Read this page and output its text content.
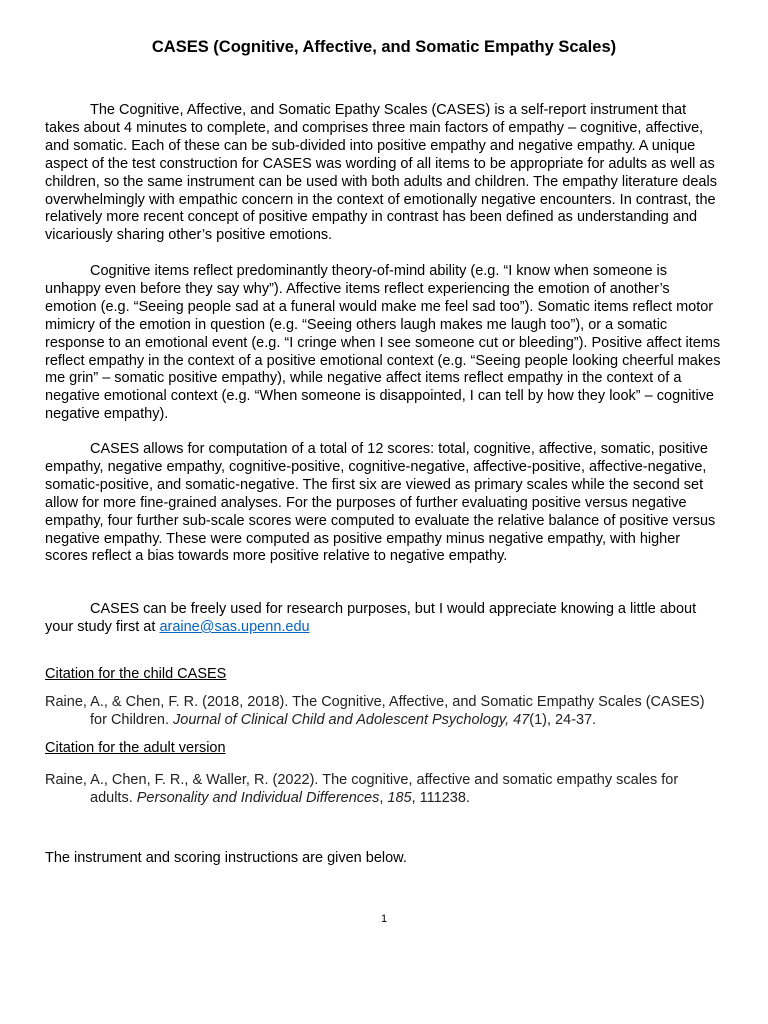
CASES (Cognitive, Affective, and Somatic Empathy Scales)

The Cognitive, Affective, and Somatic Epathy Scales (CASES) is a self-report instrument that takes about 4 minutes to complete, and comprises three main factors of empathy – cognitive, affective, and somatic. Each of these can be sub-divided into positive empathy and negative empathy. A unique aspect of the test construction for CASES was wording of all items to be appropriate for adults as well as children, so the same instrument can be used with both adults and children. The empathy literature deals overwhelmingly with empathic concern in the context of emotionally negative encounters. In contrast, the relatively more recent concept of positive empathy in contrast has been defined as understanding and vicariously sharing other’s positive emotions.

Cognitive items reflect predominantly theory-of-mind ability (e.g. “I know when someone is unhappy even before they say why”). Affective items reflect experiencing the emotion of another’s emotion (e.g. “Seeing people sad at a funeral would make me feel sad too”). Somatic items reflect motor mimicry of the emotion in question (e.g. “Seeing others laugh makes me laugh too”), or a somatic response to an emotional event (e.g. “I cringe when I see someone cut or bleeding”). Positive affect items reflect empathy in the context of a positive emotional context (e.g. “Seeing people looking cheerful makes me grin” – somatic positive empathy), while negative affect items reflect empathy in the context of a negative emotional context (e.g. “When someone is disappointed, I can tell by how they look” – cognitive negative empathy).

CASES allows for computation of a total of 12 scores: total, cognitive, affective, somatic, positive empathy, negative empathy, cognitive-positive, cognitive-negative, affective-positive, affective-negative, somatic-positive, and somatic-negative. The first six are viewed as primary scales while the second set allow for more fine-grained analyses. For the purposes of further evaluating positive versus negative empathy, four further sub-scale scores were computed to evaluate the relative balance of positive versus negative empathy. These were computed as positive empathy minus negative empathy, with higher scores reflect a bias towards more positive relative to negative empathy.

CASES can be freely used for research purposes, but I would appreciate knowing a little about your study first at araine@sas.upenn.edu

Citation for the child CASES

Raine, A., & Chen, F. R. (2018, 2018). The Cognitive, Affective, and Somatic Empathy Scales (CASES) for Children. Journal of Clinical Child and Adolescent Psychology, 47(1), 24-37.

Citation for the adult version

Raine, A., Chen, F. R., & Waller, R. (2022). The cognitive, affective and somatic empathy scales for adults. Personality and Individual Differences, 185, 111238.

The instrument and scoring instructions are given below.

1
